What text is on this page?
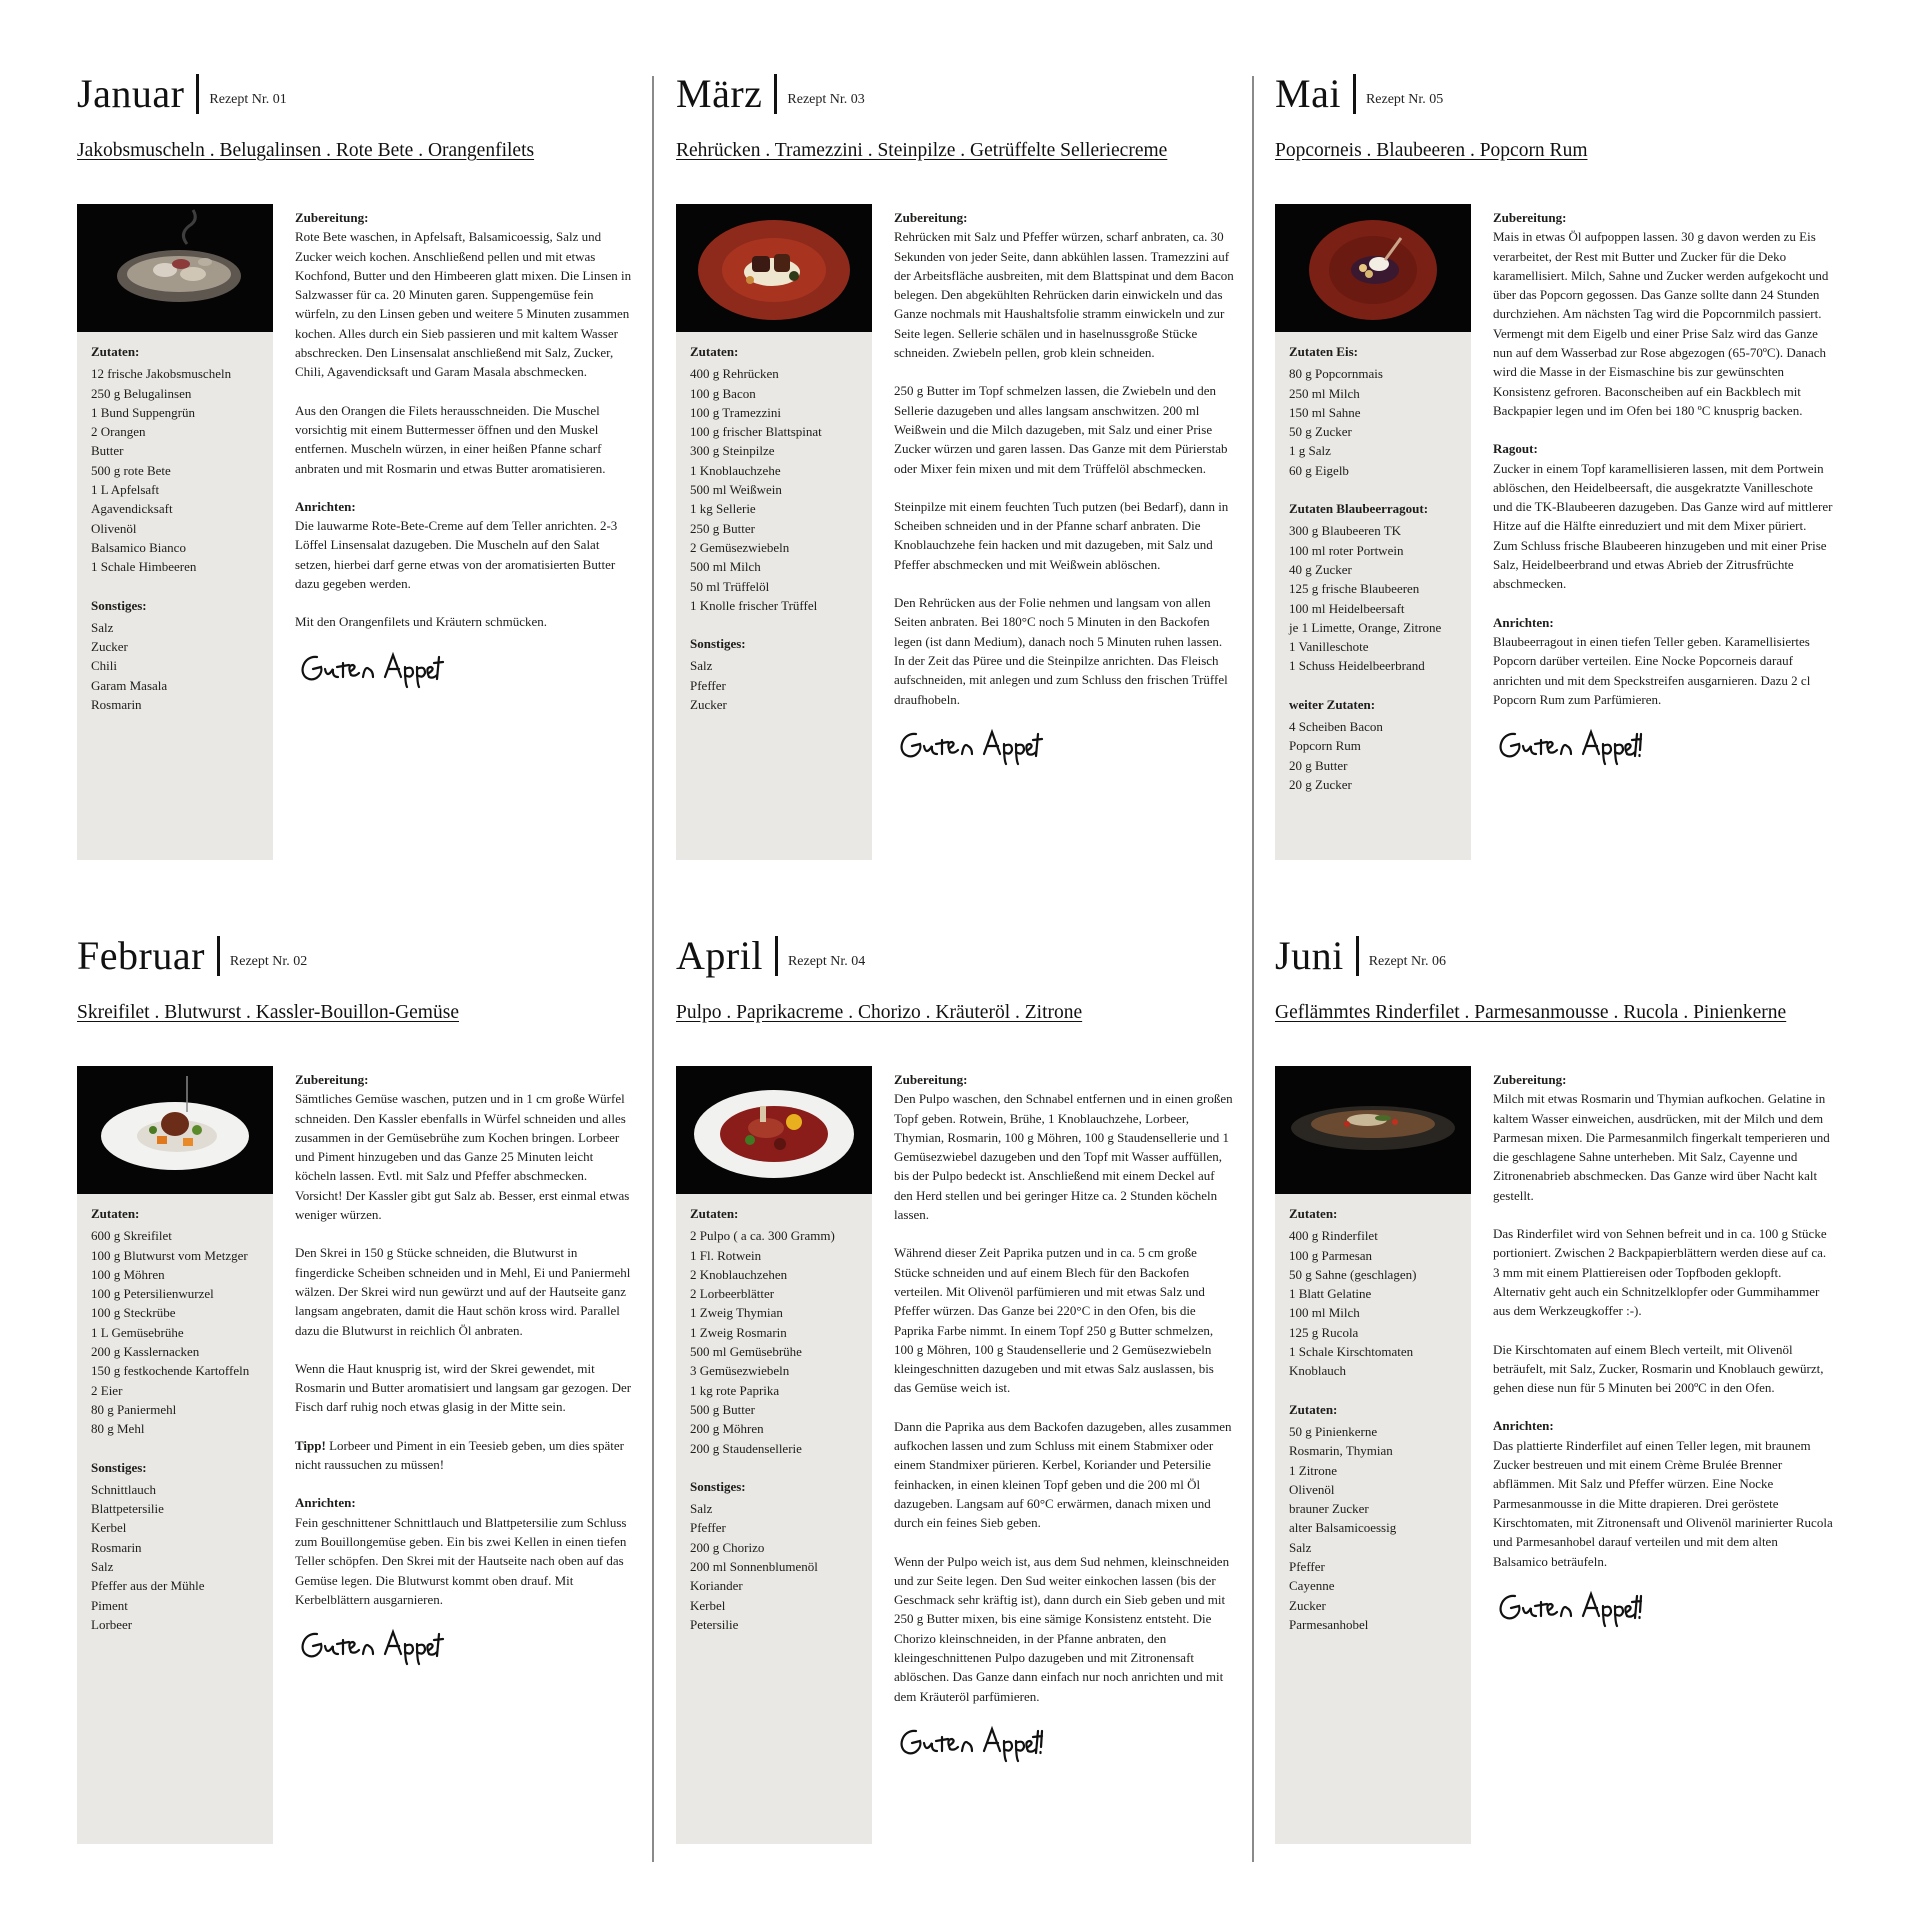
Januar Rezept Nr. 01
Jakobsmuscheln . Belugalinsen . Rote Bete . Orangenfilets
Zutaten:
12 frische Jakobsmuscheln
250 g Belugalinsen
1 Bund Suppengrün
2 Orangen
Butter
500 g rote Bete
1 L Apfelsaft
Agavendicksaft
Olivenöl
Balsamico Bianco
1 Schale Himbeeren
Sonstiges:
Salz
Zucker
Chili
Garam Masala
Rosmarin
Zubereitung:
Rote Bete waschen, in Apfelsaft, Balsamicoessig, Salz und Zucker weich kochen. Anschließend pellen und mit etwas Kochfond, Butter und den Himbeeren glatt mixen. Die Linsen in Salzwasser für ca. 20 Minuten garen. Suppengemüse fein würfeln, zu den Linsen geben und weitere 5 Minuten zusammen kochen. Alles durch ein Sieb passieren und mit kaltem Wasser abschrecken. Den Linsensalat anschließend mit Salz, Zucker, Chili, Agavendicksaft und Garam Masala abschmecken.
Aus den Orangen die Filets herausschneiden. Die Muschel vorsichtig mit einem Buttermesser öffnen und den Muskel entfernen. Muscheln würzen, in einer heißen Pfanne scharf anbraten und mit Rosmarin und etwas Butter aromatisieren.
Anrichten:
Die lauwarme Rote-Bete-Creme auf dem Teller anrichten. 2-3 Löffel Linsensalat dazugeben. Die Muscheln auf den Salat setzen, hierbei darf gerne etwas von der aromatisierten Butter dazu gegeben werden.
Mit den Orangenfilets und Kräutern schmücken.
Februar Rezept Nr. 02
Skreifilet . Blutwurst . Kassler-Bouillon-Gemüse
Zutaten:
600 g Skreifilet
100 g Blutwurst vom Metzger
100 g Möhren
100 g Petersilienwurzel
100 g Steckrübe
1 L Gemüsebrühe
200 g Kasslernacken
150 g festkochende Kartoffeln
2 Eier
80 g Paniermehl
80 g Mehl
Sonstiges:
Schnittlauch
Blattpetersilie
Kerbel
Rosmarin
Salz
Pfeffer aus der Mühle
Piment
Lorbeer
Zubereitung:
Sämtliches Gemüse waschen, putzen und in 1 cm große Würfel schneiden. Den Kassler ebenfalls in Würfel schneiden und alles zusammen in der Gemüsebrühe zum Kochen bringen. Lorbeer und Piment hinzugeben und das Ganze 25 Minuten leicht köcheln lassen. Evtl. mit Salz und Pfeffer abschmecken. Vorsicht! Der Kassler gibt gut Salz ab. Besser, erst einmal etwas weniger würzen.
Den Skrei in 150 g Stücke schneiden, die Blutwurst in fingerdicke Scheiben schneiden und in Mehl, Ei und Paniermehl wälzen. Der Skrei wird nun gewürzt und auf der Hautseite ganz langsam angebraten, damit die Haut schön kross wird. Parallel dazu die Blutwurst in reichlich Öl anbraten.
Wenn die Haut knusprig ist, wird der Skrei gewendet, mit Rosmarin und Butter aromatisiert und langsam gar gezogen. Der Fisch darf ruhig noch etwas glasig in der Mitte sein.
Tipp! Lorbeer und Piment in ein Teesieb geben, um dies später nicht raussuchen zu müssen!
Anrichten:
Fein geschnittener Schnittlauch und Blattpetersilie zum Schluss zum Bouillongemüse geben. Ein bis zwei Kellen in einen tiefen Teller schöpfen. Den Skrei mit der Hautseite nach oben auf das Gemüse legen. Die Blutwurst kommt oben drauf. Mit Kerbelblättern ausgarnieren.
März Rezept Nr. 03
Rehrücken . Tramezzini . Steinpilze . Getrüffelte Selleriecreme
Zutaten:
400 g Rehrücken
100 g Bacon
100 g Tramezzini
100 g frischer Blattspinat
300 g Steinpilze
1 Knoblauchzehe
500 ml Weißwein
1 kg Sellerie
250 g Butter
2 Gemüsezwiebeln
500 ml Milch
50 ml Trüffelöl
1 Knolle frischer Trüffel
Sonstiges:
Salz
Pfeffer
Zucker
Zubereitung:
Rehrücken mit Salz und Pfeffer würzen, scharf anbraten, ca. 30 Sekunden von jeder Seite, dann abkühlen lassen. Tramezzini auf der Arbeitsfläche ausbreiten, mit dem Blattspinat und dem Bacon belegen. Den abgekühlten Rehrücken darin einwickeln und das Ganze nochmals mit Haushaltsfolie stramm einwickeln und zur Seite legen. Sellerie schälen und in haselnussgroße Stücke schneiden. Zwiebeln pellen, grob klein schneiden.
250 g Butter im Topf schmelzen lassen, die Zwiebeln und den Sellerie dazugeben und alles langsam anschwitzen. 200 ml Weißwein und die Milch dazugeben, mit Salz und einer Prise Zucker würzen und garen lassen. Das Ganze mit dem Pürierstab oder Mixer fein mixen und mit dem Trüffelöl abschmecken.
Steinpilze mit einem feuchten Tuch putzen (bei Bedarf), dann in Scheiben schneiden und in der Pfanne scharf anbraten. Die Knoblauchzehe fein hacken und mit dazugeben, mit Salz und Pfeffer abschmecken und mit Weißwein ablöschen.
Den Rehrücken aus der Folie nehmen und langsam von allen Seiten anbraten. Bei 180°C noch 5 Minuten in den Backofen legen (ist dann Medium), danach noch 5 Minuten ruhen lassen. In der Zeit das Püree und die Steinpilze anrichten. Das Fleisch aufschneiden, mit anlegen und zum Schluss den frischen Trüffel draufhobeln.
April Rezept Nr. 04
Pulpo . Paprikacreme . Chorizo . Kräuteröl . Zitrone
Zutaten:
2 Pulpo ( a ca. 300 Gramm)
1 Fl. Rotwein
2 Knoblauchzehen
2 Lorbeerblätter
1 Zweig Thymian
1 Zweig Rosmarin
500 ml Gemüsebrühe
3 Gemüsezwiebeln
1 kg rote Paprika
500 g Butter
200 g Möhren
200 g Staudensellerie
Sonstiges:
Salz
Pfeffer
200 g Chorizo
200 ml Sonnenblumenöl
Koriander
Kerbel
Petersilie
Zubereitung:
Den Pulpo waschen, den Schnabel entfernen und in einen großen Topf geben. Rotwein, Brühe, 1 Knoblauchzehe, Lorbeer, Thymian, Rosmarin, 100 g Möhren, 100 g Staudensellerie und 1 Gemüsezwiebel dazugeben und den Topf mit Wasser auffüllen, bis der Pulpo bedeckt ist. Anschließend mit einem Deckel auf den Herd stellen und bei geringer Hitze ca. 2 Stunden köcheln lassen.
Während dieser Zeit Paprika putzen und in ca. 5 cm große Stücke schneiden und auf einem Blech für den Backofen verteilen. Mit Olivenöl parfümieren und mit etwas Salz und Pfeffer würzen. Das Ganze bei 220°C in den Ofen, bis die Paprika Farbe nimmt. In einem Topf 250 g Butter schmelzen, 100 g Möhren, 100 g Staudensellerie und 2 Gemüsezwiebeln kleingeschnitten dazugeben und mit etwas Salz auslassen, bis das Gemüse weich ist.
Dann die Paprika aus dem Backofen dazugeben, alles zusammen aufkochen lassen und zum Schluss mit einem Stabmixer oder einem Standmixer pürieren. Kerbel, Koriander und Petersilie feinhacken, in einen kleinen Topf geben und die 200 ml Öl dazugeben. Langsam auf 60°C erwärmen, danach mixen und durch ein feines Sieb geben.
Wenn der Pulpo weich ist, aus dem Sud nehmen, kleinschneiden und zur Seite legen. Den Sud weiter einkochen lassen (bis der Geschmack sehr kräftig ist), dann durch ein Sieb geben und mit 250 g Butter mixen, bis eine sämige Konsistenz entsteht. Die Chorizo kleinschneiden, in der Pfanne anbraten, den kleingeschnittenen Pulpo dazugeben und mit Zitronensaft ablöschen. Das Ganze dann einfach nur noch anrichten und mit dem Kräuteröl parfümieren.
Mai Rezept Nr. 05
Popcorneis . Blaubeeren . Popcorn Rum
Zutaten Eis:
80 g Popcornmais
250 ml Milch
150 ml Sahne
50 g Zucker
1 g Salz
60 g Eigelb
Zutaten Blaubeerragout:
300 g Blaubeeren TK
100 ml roter Portwein
40 g Zucker
125 g frische Blaubeeren
100 ml Heidelbeersaft
je 1 Limette, Orange, Zitrone
1 Vanilleschote
1 Schuss Heidelbeerbrand
weiter Zutaten:
4 Scheiben Bacon
Popcorn Rum
20 g Butter
20 g Zucker
Zubereitung:
Mais in etwas Öl aufpoppen lassen. 30 g davon werden zu Eis verarbeitet, der Rest mit Butter und Zucker für die Deko karamellisiert. Milch, Sahne und Zucker werden aufgekocht und über das Popcorn gegossen. Das Ganze sollte dann 24 Stunden durchziehen. Am nächsten Tag wird die Popcornmilch passiert. Vermengt mit dem Eigelb und einer Prise Salz wird das Ganze nun auf dem Wasserbad zur Rose abgezogen (65-70ºC). Danach wird die Masse in der Eismaschine bis zur gewünschten Konsistenz gefroren. Baconscheiben auf ein Backblech mit Backpapier legen und im Ofen bei 180 ºC knusprig backen.
Ragout:
Zucker in einem Topf karamellisieren lassen, mit dem Portwein ablöschen, den Heidelbeersaft, die ausgekratzte Vanilleschote und die TK-Blaubeeren dazugeben. Das Ganze wird auf mittlerer Hitze auf die Hälfte einreduziert und mit dem Mixer püriert. Zum Schluss frische Blaubeeren hinzugeben und mit einer Prise Salz, Heidelbeerbrand und etwas Abrieb der Zitrusfrüchte abschmecken.
Anrichten:
Blaubeerragout in einen tiefen Teller geben. Karamellisiertes Popcorn darüber verteilen. Eine Nocke Popcorneis darauf anrichten und mit dem Speckstreifen ausgarnieren. Dazu 2 cl Popcorn Rum zum Parfümieren.
Juni Rezept Nr. 06
Geflämmtes Rinderfilet . Parmesanmousse . Rucola . Pinienkerne
Zutaten:
400 g Rinderfilet
100 g Parmesan
50 g Sahne (geschlagen)
1 Blatt Gelatine
100 ml Milch
125 g Rucola
1 Schale Kirschtomaten
Knoblauch
Zutaten:
50 g Pinienkerne
Rosmarin, Thymian
1 Zitrone
Olivenöl
brauner Zucker
alter Balsamicoessig
Salz
Pfeffer
Cayenne
Zucker
Parmesanhobel
Zubereitung:
Milch mit etwas Rosmarin und Thymian aufkochen. Gelatine in kaltem Wasser einweichen, ausdrücken, mit der Milch und dem Parmesan mixen. Die Parmesanmilch fingerkalt temperieren und die geschlagene Sahne unterheben. Mit Salz, Cayenne und Zitronenabrieb abschmecken. Das Ganze wird über Nacht kalt gestellt.
Das Rinderfilet wird von Sehnen befreit und in ca. 100 g Stücke portioniert. Zwischen 2 Backpapierblättern werden diese auf ca. 3 mm mit einem Plattiereisen oder Topfboden geklopft. Alternativ geht auch ein Schnitzelklopfer oder Gummihammer aus dem Werkzeugkoffer :-).
Die Kirschtomaten auf einem Blech verteilt, mit Olivenöl beträufelt, mit Salz, Zucker, Rosmarin und Knoblauch gewürzt, gehen diese nun für 5 Minuten bei 200ºC in den Ofen.
Anrichten:
Das plattierte Rinderfilet auf einen Teller legen, mit braunem Zucker bestreuen und mit einem Crème Brulée Brenner abflämmen. Mit Salz und Pfeffer würzen. Eine Nocke Parmesanmousse in die Mitte drapieren. Drei geröstete Kirschtomaten, mit Zitronensaft und Olivenöl marinierter Rucola und Parmesanhobel darauf verteilen und mit dem alten Balsamico beträufeln.
